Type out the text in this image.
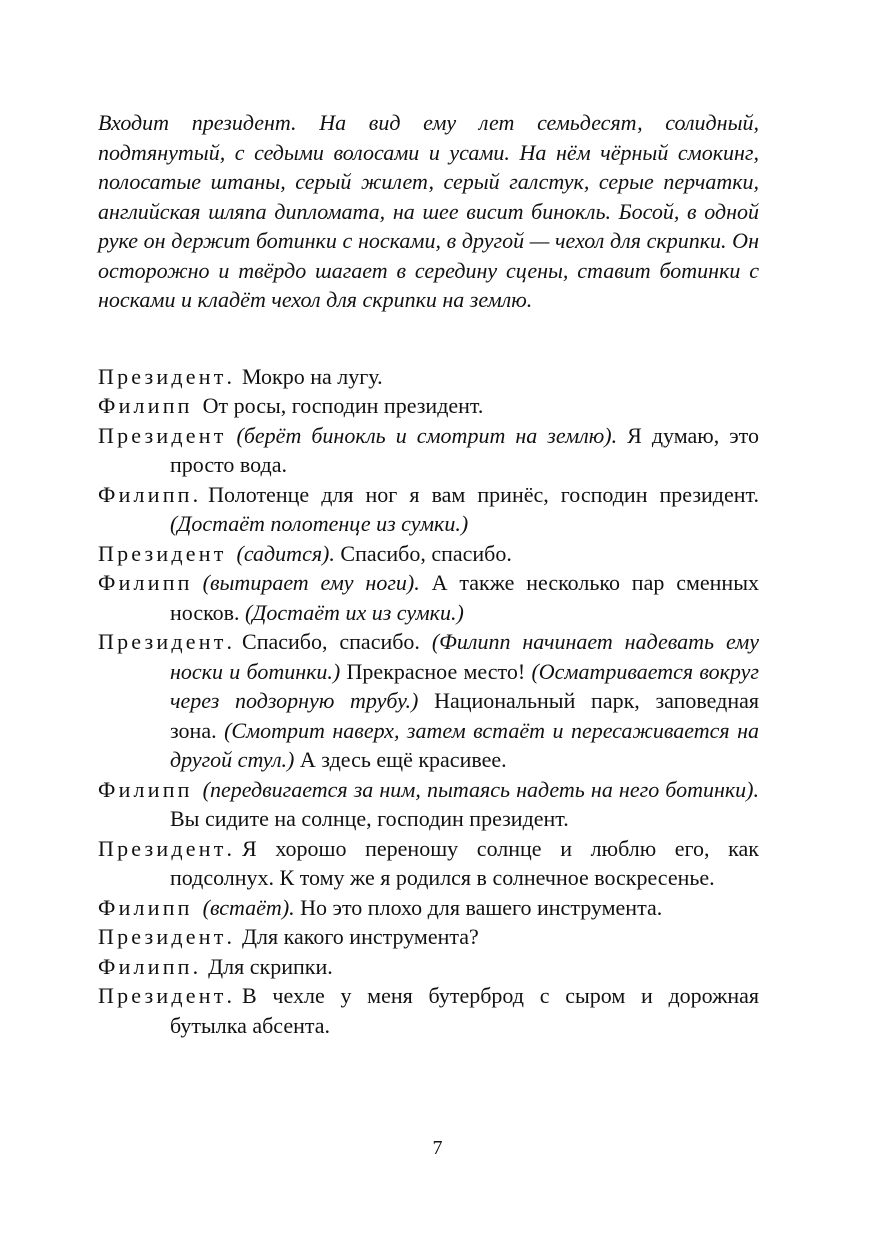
Входит президент. На вид ему лет семьдесят, солидный, подтянутый, с седыми волосами и усами. На нём чёрный смокинг, полосатые штаны, серый жилет, серый галстук, серые перчатки, английская шляпа дипломата, на шее висит бинокль. Босой, в одной руке он держит ботинки с носками, в другой — чехол для скрипки. Он осторожно и твёрдо шагает в середину сцены, ставит ботинки с носками и кладёт чехол для скрипки на землю.

Президент. Мокро на лугу.

Филипп От росы, господин президент.

Президент (берёт бинокль и смотрит на землю). Я думаю, это просто вода.

Филипп. Полотенце для ног я вам принёс, господин президент. (Достаёт полотенце из сумки.)

Президент (садится). Спасибо, спасибо.

Филипп (вытирает ему ноги). А также несколько пар сменных носков. (Достаёт их из сумки.)

Президент. Спасибо, спасибо. (Филипп начинает надевать ему носки и ботинки.) Прекрасное место! (Осматривается вокруг через подзорную трубу.) Национальный парк, заповедная зона. (Смотрит наверх, затем встаёт и пересаживается на другой стул.) А здесь ещё красивее.

Филипп (передвигается за ним, пытаясь надеть на него ботинки). Вы сидите на солнце, господин президент.

Президент. Я хорошо переношу солнце и люблю его, как подсолнух. К тому же я родился в солнечное воскресенье.

Филипп (встаёт). Но это плохо для вашего инструмента.

Президент. Для какого инструмента?

Филипп. Для скрипки.

Президент. В чехле у меня бутерброд с сыром и дорожная бутылка абсента.

7
